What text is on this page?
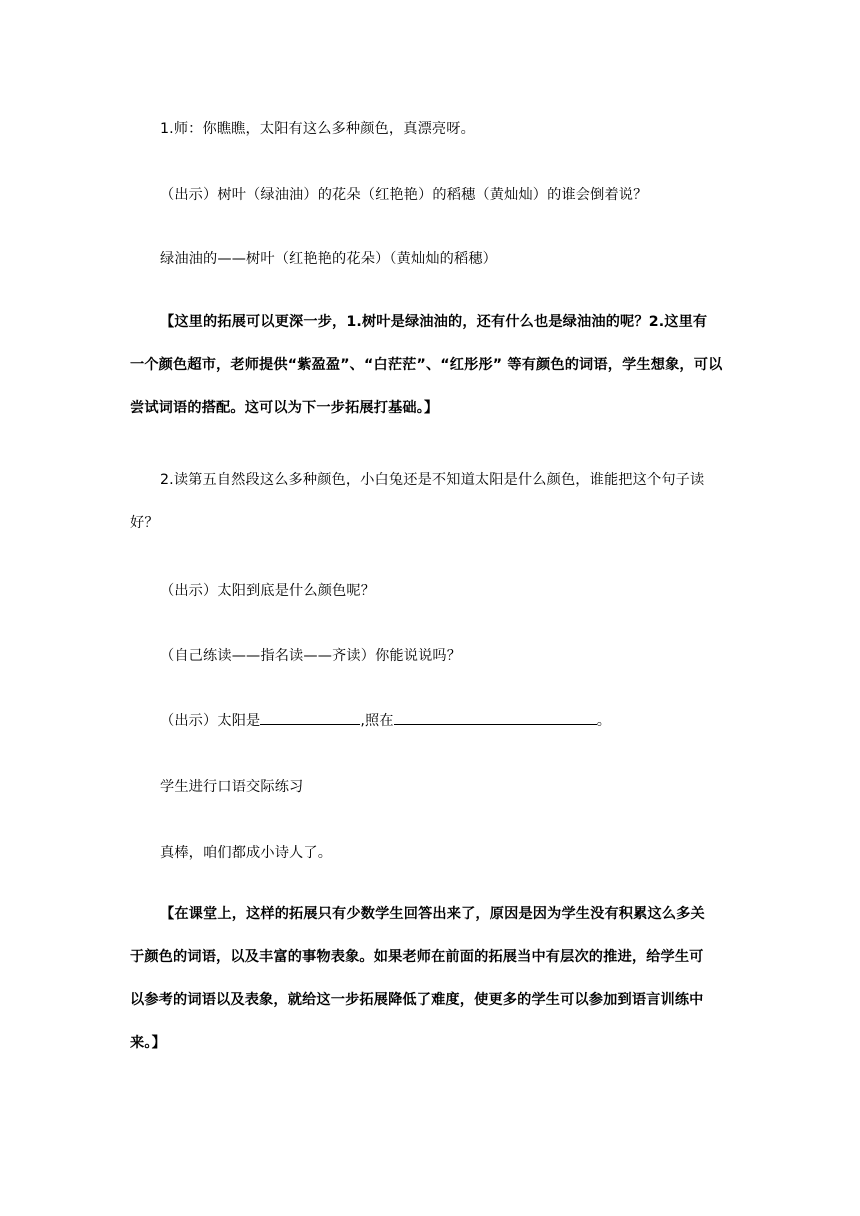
1.师：你瞧瞧，太阳有这么多种颜色，真漂亮呀。
（出示）树叶（绿油油）的花朵（红艳艳）的稻穗（黄灿灿）的谁会倒着说？
绿油油的——树叶（红艳艳的花朵）（黄灿灿的稻穗）
【这里的拓展可以更深一步，1.树叶是绿油油的，还有什么也是绿油油的呢？2.这里有
一个颜色超市，老师提供“紫盈盈”、“白茫茫”、“红彤彤” 等有颜色的词语，学生想象，可以
尝试词语的搭配。这可以为下一步拓展打基础。】
2.读第五自然段这么多种颜色，小白兔还是不知道太阳是什么颜色，谁能把这个句子读
好？
（出示）太阳到底是什么颜色呢？
（自己练读——指名读——齐读）你能说说吗？
（出示）太阳是	,照在	。
学生进行口语交际练习
真棒，咱们都成小诗人了。
【在课堂上，这样的拓展只有少数学生回答出来了，原因是因为学生没有积累这么多关
于颜色的词语，以及丰富的事物表象。如果老师在前面的拓展当中有层次的推进，给学生可
以参考的词语以及表象，就给这一步拓展降低了难度，使更多的学生可以参加到语言训练中
来。】
